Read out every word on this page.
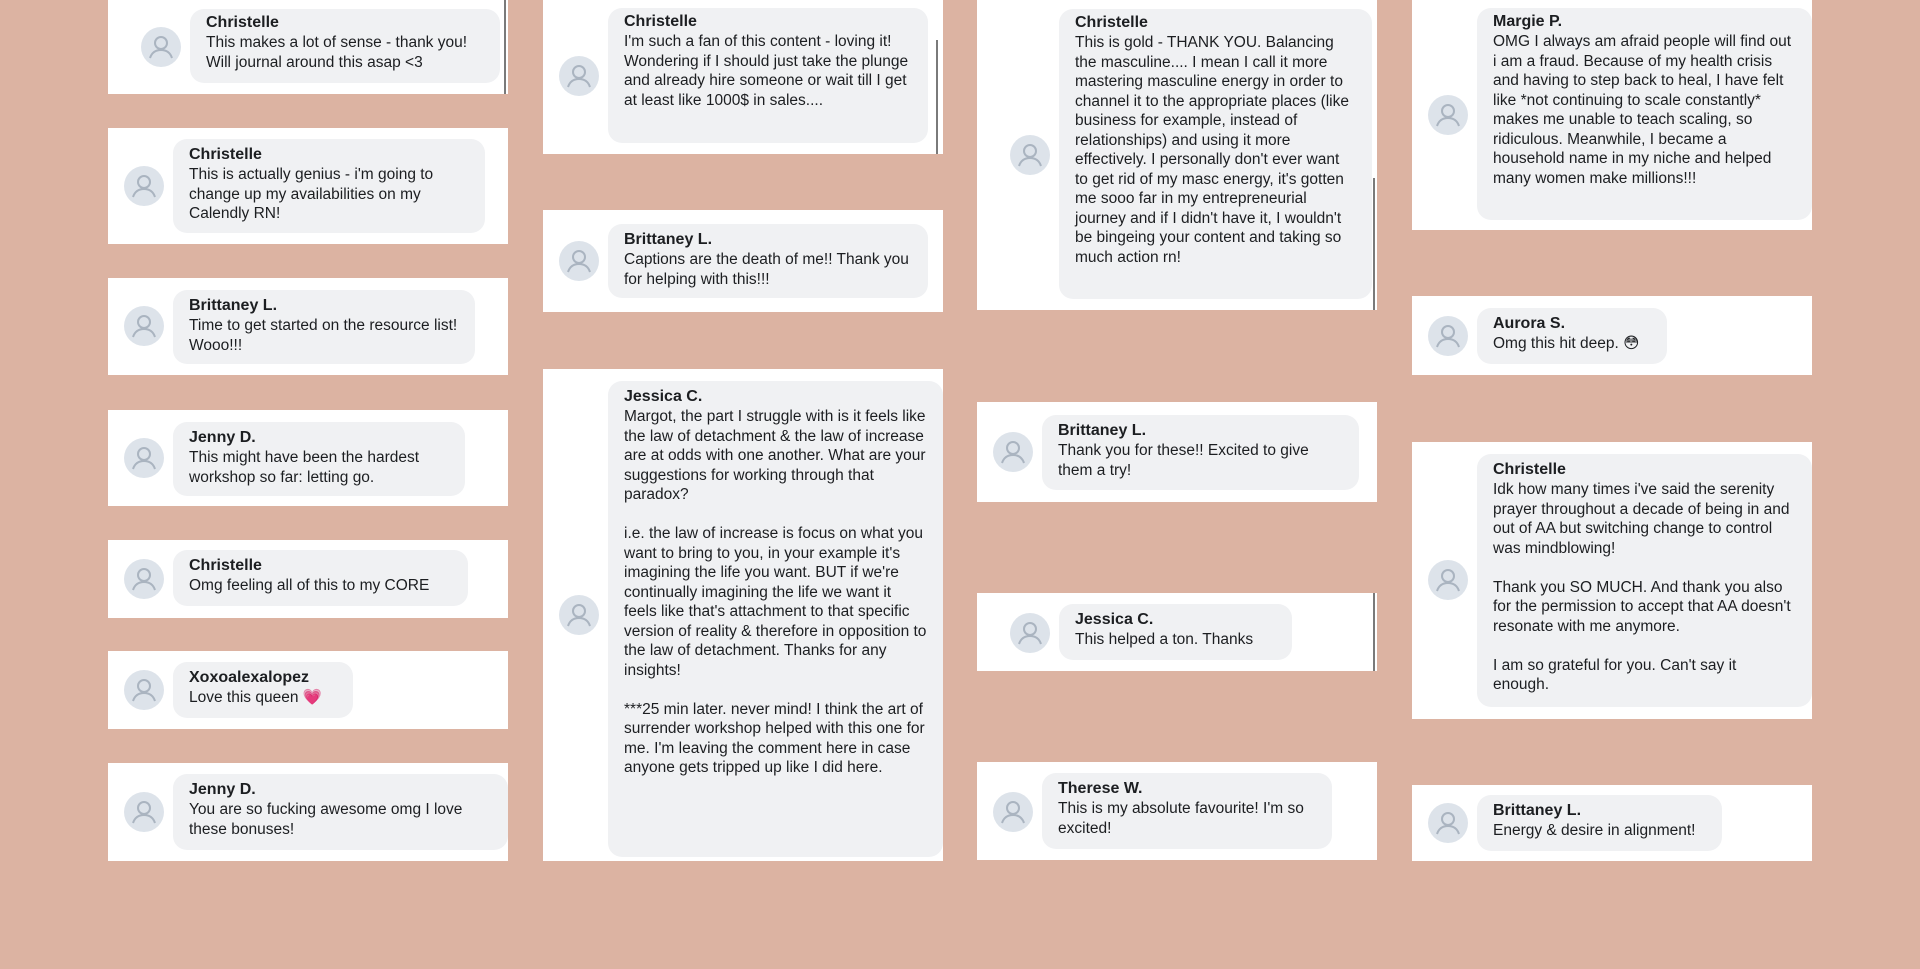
Christelle
This makes a lot of sense - thank you! Will journal around this asap <3
Christelle
This is actually genius - i'm going to change up my availabilities on my Calendly RN!
Brittaney L.
Time to get started on the resource list! Wooo!!!
Jenny D.
This might have been the hardest workshop so far: letting go.
Christelle
Omg feeling all of this to my CORE
Xoxoalexalopez
Love this queen 💗
Jenny D.
You are so fucking awesome omg I love these bonuses!
Christelle
I'm such a fan of this content - loving it! Wondering if I should just take the plunge and already hire someone or wait till I get at least like 1000$ in sales....
Brittaney L.
Captions are the death of me!! Thank you for helping with this!!!
Jessica C.
Margot, the part I struggle with is it feels like the law of detachment & the law of increase are at odds with one another. What are your suggestions for working through that paradox?

i.e. the law of increase is focus on what you want to bring to you, in your example it's imagining the life you want. BUT if we're continually imagining the life we want it feels like that's attachment to that specific version of reality & therefore in opposition to the law of detachment. Thanks for any insights!

***25 min later. never mind! I think the art of surrender workshop helped with this one for me. I'm leaving the comment here in case anyone gets tripped up like I did here.
Christelle
This is gold - THANK YOU. Balancing the masculine.... I mean I call it more mastering masculine energy in order to channel it to the appropriate places (like business for example, instead of relationships) and using it more effectively. I personally don't ever want to get rid of my masc energy, it's gotten me sooo far in my entrepreneurial journey and if I didn't have it, I wouldn't be bingeing your content and taking so much action rn!
Brittaney L.
Thank you for these!! Excited to give them a try!
Jessica C.
This helped a ton. Thanks
Therese W.
This is my absolute favourite! I'm so excited!
Margie P.
OMG I always am afraid people will find out i am a fraud. Because of my health crisis and having to step back to heal, I have felt like *not continuing to scale constantly* makes me unable to teach scaling, so ridiculous. Meanwhile, I became a household name in my niche and helped many women make millions!!!
Aurora S.
Omg this hit deep. 😳
Christelle
Idk how many times i've said the serenity prayer throughout a decade of being in and out of AA but switching change to control was mindblowing!

Thank you SO MUCH. And thank you also for the permission to accept that AA doesn't resonate with me anymore.

I am so grateful for you. Can't say it enough.
Brittaney L.
Energy & desire in alignment!
